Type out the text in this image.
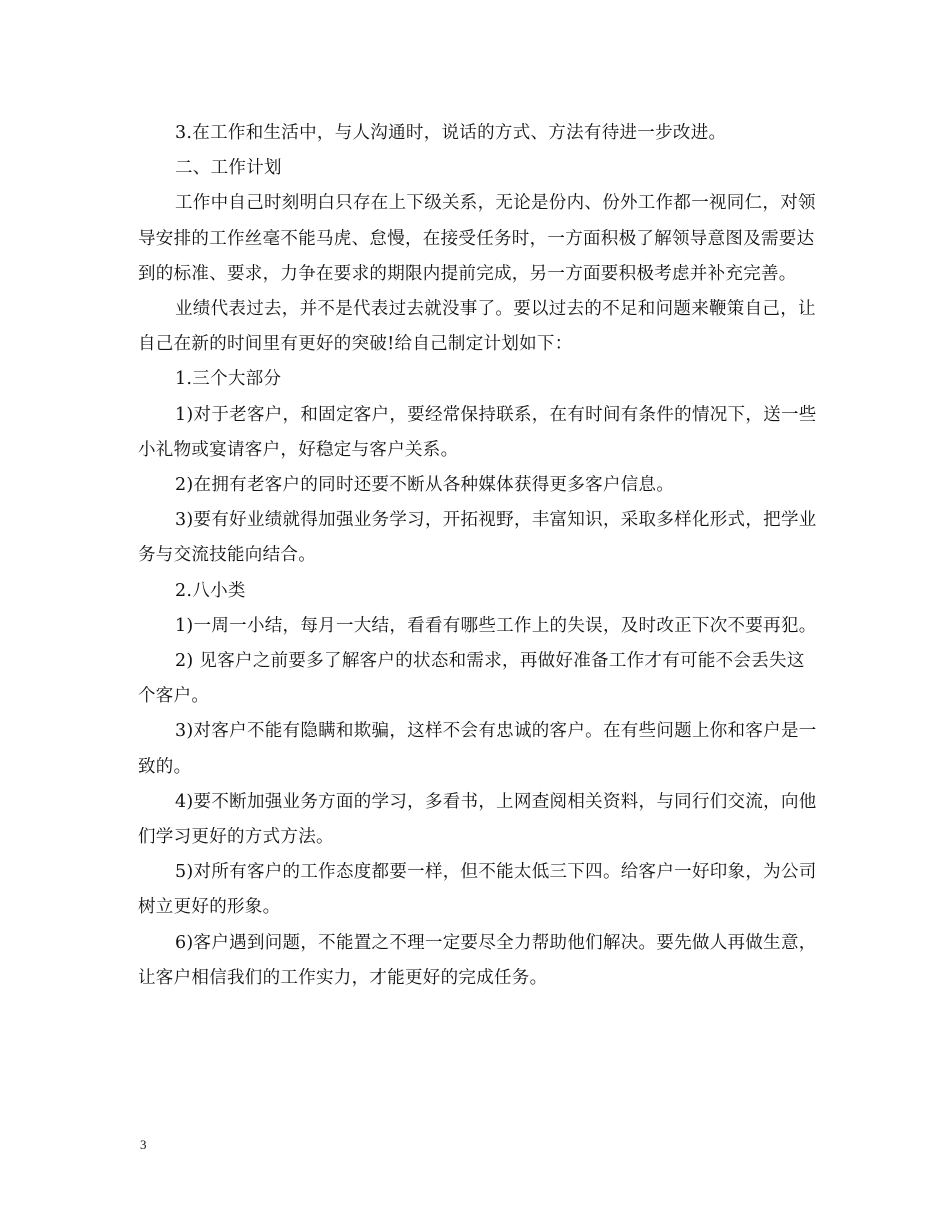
3.在工作和生活中，与人沟通时，说话的方式、方法有待进一步改进。

二、工作计划

工作中自己时刻明白只存在上下级关系，无论是份内、份外工作都一视同仁，对领导安排的工作丝毫不能马虎、怠慢，在接受任务时，一方面积极了解领导意图及需要达到的标准、要求，力争在要求的期限内提前完成，另一方面要积极考虑并补充完善。

业绩代表过去，并不是代表过去就没事了。要以过去的不足和问题来鞭策自己，让自己在新的时间里有更好的突破!给自己制定计划如下：

1.三个大部分

1)对于老客户，和固定客户，要经常保持联系，在有时间有条件的情况下，送一些小礼物或宴请客户，好稳定与客户关系。

2)在拥有老客户的同时还要不断从各种媒体获得更多客户信息。

3)要有好业绩就得加强业务学习，开拓视野，丰富知识，采取多样化形式，把学业务与交流技能向结合。

2.八小类

1)一周一小结，每月一大结，看看有哪些工作上的失误，及时改正下次不要再犯。

2) 见客户之前要多了解客户的状态和需求，再做好准备工作才有可能不会丢失这个客户。

3)对客户不能有隐瞒和欺骗，这样不会有忠诚的客户。在有些问题上你和客户是一致的。

4)要不断加强业务方面的学习，多看书，上网查阅相关资料，与同行们交流，向他们学习更好的方式方法。

5)对所有客户的工作态度都要一样，但不能太低三下四。给客户一好印象，为公司树立更好的形象。

6)客户遇到问题，不能置之不理一定要尽全力帮助他们解决。要先做人再做生意，让客户相信我们的工作实力，才能更好的完成任务。

3
